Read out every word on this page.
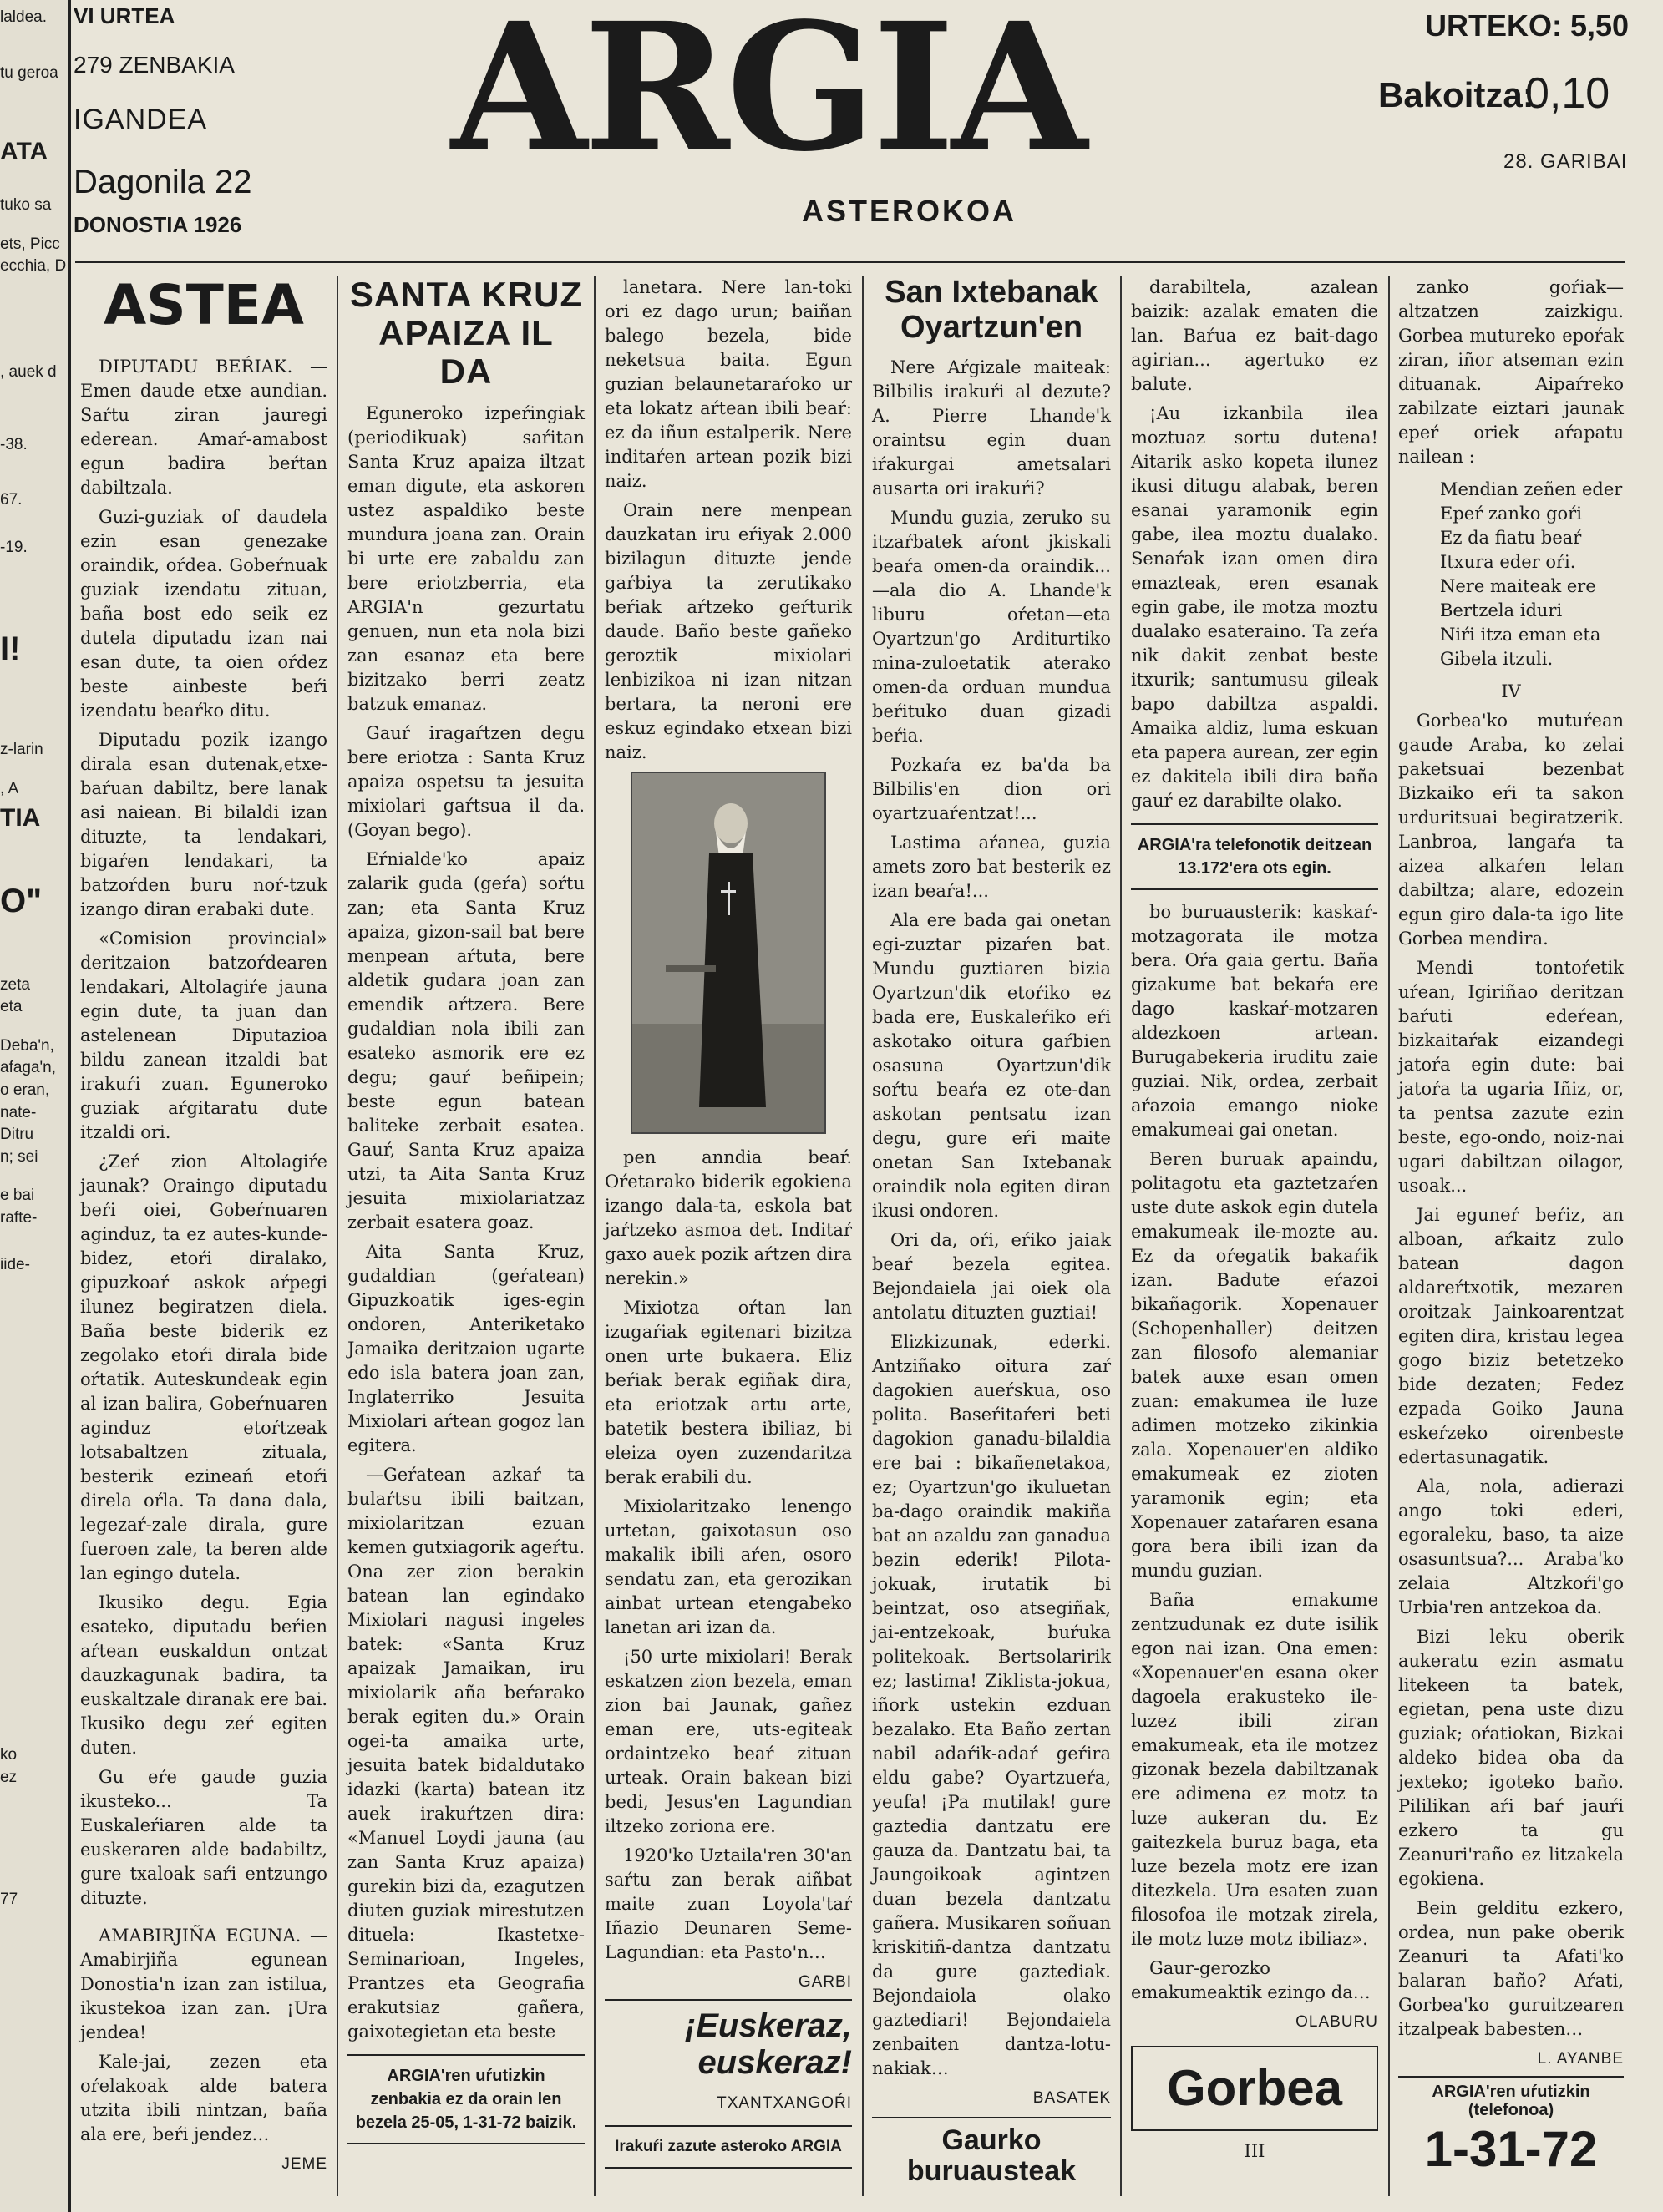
laldea.
tu geroa
ATA
tuko sa
ets, Picc
ecchia, D
, auek d
-38.
67.
-19.
I!
z-larin
, A
TIA
O"
zeta
eta
Deba'n,
afaga'n,
o eran,
nate-
Ditru
n; sei
e bai
rafte-
iide-
ko
ez
77
VI URTEA
279 ZENBAKIA
IGANDEA
Dagonila 22
DONOSTIA 1926
ARGIA
ASTEROKOA
URTEKO: 5,50
Bakoitza:
0,10
28. GARIBAI
ASTEA

DIPUTADU BEŔIAK. — Emen daude etxe aundian. Saŕtu ziran jauregi ederean. Amaŕ-amabost egun badira beŕtan dabiltzala.

Guzi-guziak of daudela ezin esan genezake oraindik, oŕdea. Gobeŕnuak guziak izendatu zituan, baña bost edo seik ez dutela diputadu izan nai esan dute, ta oien oŕdez beste ainbeste beŕi izendatu beaŕko ditu.

Diputadu pozik izango dirala esan dutenak,etxe-baŕuan dabiltz, bere lanak asi naiean. Bi bilaldi izan dituzte, ta lendakari, bigaŕen lendakari, ta batzoŕden buru noŕ-tzuk izango diran erabaki dute.

«Comision provincial» deritzaion batzoŕdearen lendakari, Altolagiŕe jauna egin dute, ta juan dan astelenean Diputazioa bildu zanean itzaldi bat irakuŕi zuan. Eguneroko guziak aŕgitaratu dute itzaldi ori.

¿Zeŕ zion Altolagiŕe jaunak? Oraingo diputadu beŕi oiei, Gobeŕnuaren aginduz, ta ez autes-kunde-bidez, etoŕi diralako, gipuzkoaŕ askok aŕpegi ilunez begiratzen diela. Baña beste biderik ez zegolako etoŕi dirala bide oŕtatik. Auteskundeak egin al izan balira, Gobeŕnuaren aginduz etoŕtzeak lotsabaltzen zituala, besterik ezineań etoŕi direla oŕla. Ta dana dala, legezaŕ-zale dirala, gure fueroen zale, ta beren alde lan egingo dutela.

Ikusiko degu. Egia esateko, diputadu beŕien aŕtean euskaldun ontzat dauzkagunak badira, ta euskaltzale diranak ere bai. Ikusiko degu zeŕ egiten duten.

Gu eŕe gaude guzia ikusteko... Ta Euskaleŕiaren alde ta euskeraren alde badabiltz, gure txaloak saŕi entzungo dituzte.

AMABIRJIÑA EGUNA. — Amabirjiña egunean Donostia'n izan zan istilua, ikustekoa izan zan. ¡Ura jendea!

Kale-jai, zezen eta oŕelakoak alde batera utzita ibili nintzan, baña ala ere, beŕi jendez…

JEME

SANTA KRUZ APAIZA IL DA

Eguneroko izpeŕingiak (periodikuak) saŕitan Santa Kruz apaiza iltzat eman digute, eta askoren ustez aspaldiko beste mundura joana zan. Orain bi urte ere zabaldu zan bere eriotzberria, eta ARGIA'n gezurtatu genuen, nun eta nola bizi zan esanaz eta bere bizitzako berri zeatz batzuk emanaz.

Gauŕ iragaŕtzen degu bere eriotza : Santa Kruz apaiza ospetsu ta jesuita mixiolari gaŕtsua il da. (Goyan bego).

Eŕnialde'ko apaiz zalarik guda (geŕa) soŕtu zan; eta Santa Kruz apaiza, gizon-sail bat bere menpean aŕtuta, bere aldetik gudara joan zan emendik aŕtzera. Bere gudaldian nola ibili zan esateko asmorik ere ez degu; gauŕ beñipein; beste egun batean baliteke zerbait esatea. Gauŕ, Santa Kruz apaiza utzi, ta Aita Santa Kruz jesuita mixiolariatzaz zerbait esatera goaz.

Aita Santa Kruz, gudaldian (geŕatean) Gipuzkoatik iges-egin ondoren, Anteriketako Jamaika deritzaion ugarte edo isla batera joan zan, Inglaterriko Jesuita Mixiolari aŕtean gogoz lan egitera.

—Geŕatean azkaŕ ta bulaŕtsu ibili baitzan, mixiolaritzan ezuan kemen gutxiagorik ageŕtu. Ona zer zion berakin batean lan egindako Mixiolari nagusi ingeles batek: «Santa Kruz apaizak Jamaikan, iru mixiolarik aña beŕarako berak egiten du.» Orain ogei-ta amaika urte, jesuita batek bidaldutako idazki (karta) batean itz auek irakuŕtzen dira: «Manuel Loydi jauna (au zan Santa Kruz apaiza) gurekin bizi da, ezagutzen diuten guziak mirestutzen dituela: Ikastetxe-Seminarioan, Ingeles, Prantzes eta Geografia erakutsiaz gañera, gaixotegietan eta beste

ARGIA'ren uŕutizkin zenbakia ez da orain len bezela 25-05, 1-31-72 baizik.

lanetara. Nere lan-toki ori ez dago urun; baiñan balego bezela, bide neketsua baita. Egun guzian belaunetaraŕoko ur eta lokatz aŕtean ibili beaŕ: ez da iñun estalperik. Nere inditaŕen artean pozik bizi naiz.

Orain nere menpean dauzkatan iru eŕiyak 2.000 bizilagun dituzte jende gaŕbiya ta zerutikako beŕiak aŕtzeko geŕturik daude. Baño beste gañeko geroztik mixiolari lenbizikoa ni izan nitzan bertara, ta neroni ere eskuz egindako etxean bizi naiz.

pen anndia beaŕ. Oŕetarako biderik egokiena izango dala-ta, eskola bat jaŕtzeko asmoa det. Inditaŕ gaxo auek pozik aŕtzen dira nerekin.»

Mixiotza oŕtan lan izugaŕiak egitenari bizitza onen urte bukaera. Eliz beŕiak berak egiñak dira, eta eriotzak artu arte, batetik bestera ibiliaz, bi eleiza oyen zuzendaritza berak erabili du.

Mixiolaritzako lenengo urtetan, gaixotasun oso makalik ibili aŕen, osoro sendatu zan, eta gerozikan ainbat urtean etengabeko lanetan ari izan da.

¡50 urte mixiolari! Berak eskatzen zion bezela, eman zion bai Jaunak, gañez eman ere, uts-egiteak ordaintzeko beaŕ zituan urteak. Orain bakean bizi bedi, Jesus'en Lagundian iltzeko zoriona ere.

1920'ko Uztaila'ren 30'an saŕtu zan berak aiñbat maite zuan Loyola'taŕ Iñazio Deunaren Seme-Lagundian: eta Pasto'n…

GARBI

¡Euskeraz, euskeraz!

TXANTXANGOŔI

Irakuŕi zazute asteroko ARGIA
San Ixtebanak Oyartzun'en

Nere Aŕgizale maiteak: Bilbilis irakuŕi al dezute? A. Pierre Lhande'k oraintsu egin duan iŕakurgai ametsalari ausarta ori irakuŕi?

Mundu guzia, zeruko su itzaŕbatek aŕont jkiskali beaŕa omen-da oraindik...—ala dio A. Lhande'k liburu oŕetan—eta Oyartzun'go Arditurtiko mina-zuloetatik aterako omen-da orduan mundua beŕituko duan gizadi beŕia.

Pozkaŕa ez ba'da ba Bilbilis'en dion ori oyartzuaŕentzat!...

Lastima aŕanea, guzia amets zoro bat besterik ez izan beaŕa!...

Ala ere bada gai onetan egi-zuztar pizaŕen bat. Mundu guztiaren bizia Oyartzun'dik etoŕiko ez bada ere, Euskaleŕiko eŕi askotako oitura gaŕbien osasuna Oyartzun'dik soŕtu beaŕa ez ote-dan askotan pentsatu izan degu, gure eŕi maite onetan San Ixtebanak oraindik nola egiten diran ikusi ondoren.

Ori da, oŕi, eŕiko jaiak beaŕ bezela egitea. Bejondaiela jai oiek ola antolatu dituzten guztiai!

Elizkizunak, ederki. Antziñako oitura zaŕ dagokien aueŕskua, oso polita. Baseŕitaŕeri beti dagokion ganadu-bilaldia ere bai : bikañenetakoa, ez; Oyartzun'go ikuluetan ba-dago oraindik makiña bat an azaldu zan ganadua bezin ederik! Pilota-jokuak, irutatik bi beintzat, oso atsegiñak, jai-entzekoak, buŕuka politekoak. Bertsolaririk ez; lastima! Ziklista-jokua, iñork ustekin ezduan bezalako. Eta Baño zertan nabil adaŕik-adaŕ geŕira eldu gabe? Oyartzueŕa, yeufa! ¡Pa mutilak! gure gaztedia dantzatu ere gauza da. Dantzatu bai, ta Jaungoikoak agintzen duan bezela dantzatu gañera. Musikaren soñuan kriskitiñ-dantza dantzatu da gure gaztediak. Bejondaiola olako gaztediari! Bejondaiela zenbaiten dantza-lotu-nakiak…

BASATEK

Gaurko buruausteak

darabiltela, azalean baizik: azalak ematen die lan. Baŕua ez bait-dago agirian... agertuko ez balute.

¡Au izkanbila ilea moztuaz sortu dutena! Aitarik asko kopeta ilunez ikusi ditugu alabak, beren esanai yaramonik egin gabe, ilea moztu dualako. Senaŕak izan omen dira emazteak, eren esanak egin gabe, ile motza moztu dualako esateraino. Ta zeŕa nik dakit zenbat beste itxurik; santumusu gileak bapo dabiltza aspaldi. Amaika aldiz, luma eskuan eta papera aurean, zer egin ez dakitela ibili dira baña gauŕ ez darabilte olako.

ARGIA'ra telefonotik deitzean 13.172'era ots egin.

bo buruausterik: kaskaŕ-motzagorata ile motza bera. Oŕa gaia gertu. Baña gizakume bat bekaŕa ere dago kaskaŕ-motzaren aldezkoen artean. Burugabekeria iruditu zaie guziai. Nik, ordea, zerbait aŕazoia emango nioke emakumeai gai onetan.

Beren buruak apaindu, politagotu eta gaztetzaŕen uste dute askok egin dutela emakumeak ile-mozte au. Ez da oŕegatik bakaŕik izan. Badute eŕazoi bikañagorik. Xopenauer (Schopenhaller) deitzen zan filosofo alemaniar batek auxe esan omen zuan: emakumea ile luze adimen motzeko zikinkia zala. Xopenauer'en aldiko emakumeak ez zioten yaramonik egin; eta Xopenauer zataŕaren esana gora bera ibili izan da mundu guzian.

Baña emakume zentzudunak ez dute isilik egon nai izan. Ona emen: «Xopenauer'en esana oker dagoela erakusteko ile-luzez ibili ziran emakumeak, eta ile motzez gizonak bezela dabiltzanak ere adimena ez motz ta luze aukeran du. Ez gaitezkela buruz baga, eta luze bezela motz ere izan ditezkela. Ura esaten zuan filosofoa ile motzak zirela, ile motz luze motz ibiliaz».

Gaur-gerozko emakumeaktik ezingo da…

OLABURU

Gorbea
III

zanko goŕiak—altzatzen zaizkigu. Gorbea mutureko epoŕak ziran, iñor atseman ezin dituanak. Aipaŕreko zabilzate eiztari jaunak epeŕ oriek aŕapatu nailean :

Mendian zeñen eder
Epeŕ zanko goŕi
Ez da fiatu beaŕ
Itxura eder oŕi.
Nere maiteak ere
Bertzela iduri
Niŕi itza eman eta
Gibela itzuli.
IV

Gorbea'ko mutuŕean gaude Araba, ko zelai paketsuai bezenbat Bizkaiko eŕi ta sakon urduritsuai begiratzerik. Lanbroa, langaŕa ta aizea alkaŕen lelan dabiltza; alare, edozein egun giro dala-ta igo lite Gorbea mendira.

Mendi tontoŕetik uŕean, Igiriñao deritzan baŕuti edeŕean, bizkaitaŕak eizandegi jatoŕa egin dute: bai jatoŕa ta ugaria Iñiz, or, ta pentsa zazute ezin beste, ego-ondo, noiz-nai ugari dabiltzan oilagor, usoak...

Jai eguneŕ beŕiz, an alboan, aŕkaitz zulo batean dagon aldareŕtxotik, mezaren oroitzak Jainkoarentzat egiten dira, kristau legea gogo biziz betetzeko bide dezaten; Fedez ezpada Goiko Jauna eskeŕzeko oirenbeste edertasunagatik.

Ala, nola, adierazi ango toki ederi, egoraleku, baso, ta aize osasuntsua?... Araba'ko zelaia Altzkoŕi'go Urbia'ren antzekoa da.

Bizi leku oberik aukeratu ezin asmatu litekeen ta batek, egietan, pena uste dizu guziak; oŕatiokan, Bizkai aldeko bidea oba da jexteko; igoteko baño. Pililikan aŕi baŕ jauŕi ezkero ta gu Zeanuri'raño ez litzakela egokiena.

Bein gelditu ezkero, ordea, nun pake oberik Zeanuri ta Afati'ko balaran baño? Aŕati, Gorbea'ko guruitzearen itzalpeak babesten…

L. AYANBE

ARGIA'ren uŕutizkin (telefonoa)
1-31-72
